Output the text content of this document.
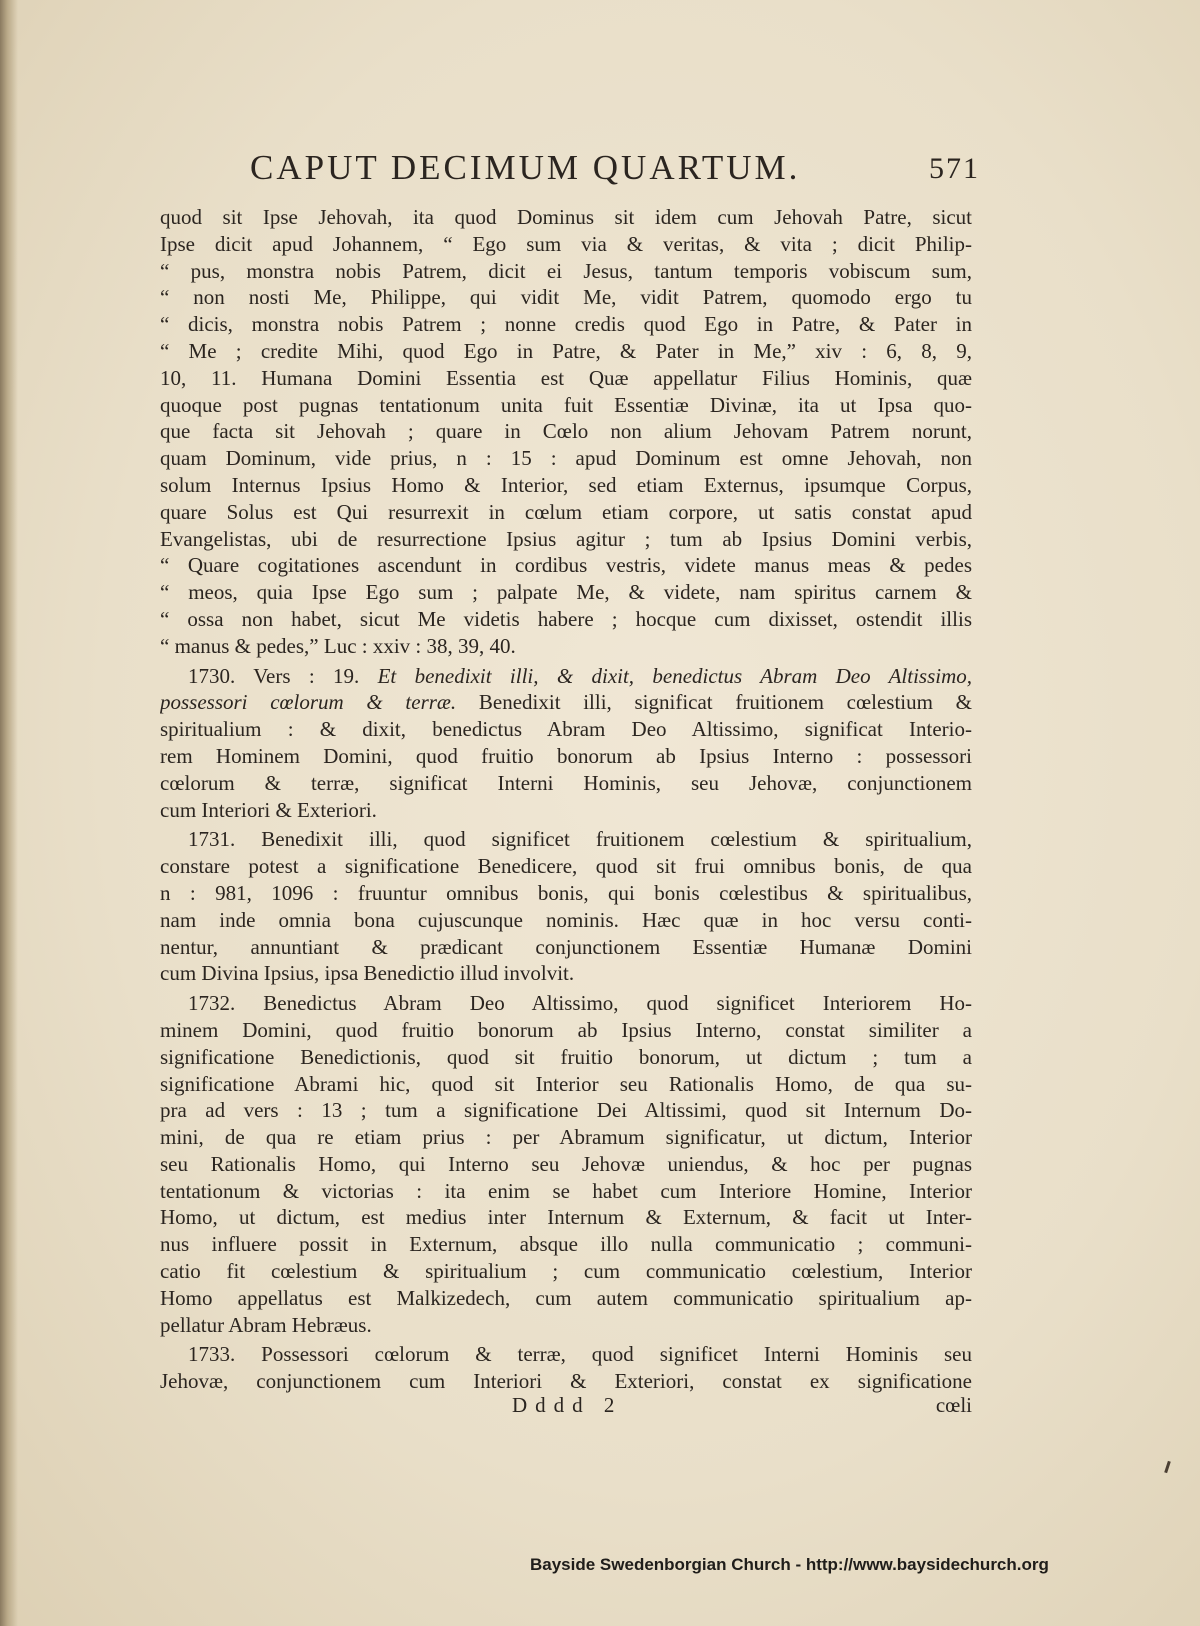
CAPUT DECIMUM QUARTUM.	571
quod sit Ipse Jehovah, ita quod Dominus sit idem cum Jehovah Patre, sicut
Ipse dicit apud Johannem, “ Ego sum via & veritas, & vita ; dicit Philip-
“ pus, monstra nobis Patrem, dicit ei Jesus, tantum temporis vobiscum sum,
“ non nosti Me, Philippe, qui vidit Me, vidit Patrem, quomodo ergo tu
“ dicis, monstra nobis Patrem ; nonne credis quod Ego in Patre, & Pater in
“ Me ; credite Mihi, quod Ego in Patre, & Pater in Me,” xiv : 6, 8, 9,
10, 11. Humana Domini Essentia est Quæ appellatur Filius Hominis, quæ
quoque post pugnas tentationum unita fuit Essentiæ Divinæ, ita ut Ipsa quo-
que facta sit Jehovah ; quare in Cœlo non alium Jehovam Patrem norunt,
quam Dominum, vide prius, n : 15 : apud Dominum est omne Jehovah, non
solum Internus Ipsius Homo & Interior, sed etiam Externus, ipsumque Corpus,
quare Solus est Qui resurrexit in cœlum etiam corpore, ut satis constat apud
Evangelistas, ubi de resurrectione Ipsius agitur ; tum ab Ipsius Domini verbis,
“ Quare cogitationes ascendunt in cordibus vestris, videte manus meas & pedes
“ meos, quia Ipse Ego sum ; palpate Me, & videte, nam spiritus carnem &
“ ossa non habet, sicut Me videtis habere ; hocque cum dixisset, ostendit illis
“ manus & pedes,” Luc : xxiv : 38, 39, 40.
1730. Vers : 19. Et benedixit illi, & dixit, benedictus Abram Deo Altissimo,
possessori cœlorum & terræ. Benedixit illi, significat fruitionem cœlestium &
spiritualium : & dixit, benedictus Abram Deo Altissimo, significat Interio-
rem Hominem Domini, quod fruitio bonorum ab Ipsius Interno : possessori
cœlorum & terræ, significat Interni Hominis, seu Jehovæ, conjunctionem
cum Interiori & Exteriori.
1731. Benedixit illi, quod significet fruitionem cœlestium & spiritualium,
constare potest a significatione Benedicere, quod sit frui omnibus bonis, de qua
n : 981, 1096 : fruuntur omnibus bonis, qui bonis cœlestibus & spiritualibus,
nam inde omnia bona cujuscunque nominis. Hæc quæ in hoc versu conti-
nentur, annuntiant & prædicant conjunctionem Essentiæ Humanæ Domini
cum Divina Ipsius, ipsa Benedictio illud involvit.
1732. Benedictus Abram Deo Altissimo, quod significet Interiorem Ho-
minem Domini, quod fruitio bonorum ab Ipsius Interno, constat similiter a
significatione Benedictionis, quod sit fruitio bonorum, ut dictum ; tum a
significatione Abrami hic, quod sit Interior seu Rationalis Homo, de qua su-
pra ad vers : 13 ; tum a significatione Dei Altissimi, quod sit Internum Do-
mini, de qua re etiam prius : per Abramum significatur, ut dictum, Interior
seu Rationalis Homo, qui Interno seu Jehovæ uniendus, & hoc per pugnas
tentationum & victorias : ita enim se habet cum Interiore Homine, Interior
Homo, ut dictum, est medius inter Internum & Externum, & facit ut Inter-
nus influere possit in Externum, absque illo nulla communicatio ; communi-
catio fit cœlestium & spiritualium ; cum communicatio cœlestium, Interior
Homo appellatus est Malkizedech, cum autem communicatio spiritualium ap-
pellatur Abram Hebræus.
1733. Possessori cœlorum & terræ, quod significet Interni Hominis seu
Jehovæ, conjunctionem cum Interiori & Exteriori, constat ex significatione
Dddd 2	cœli
Bayside Swedenborgian Church - http://www.baysidechurch.org
